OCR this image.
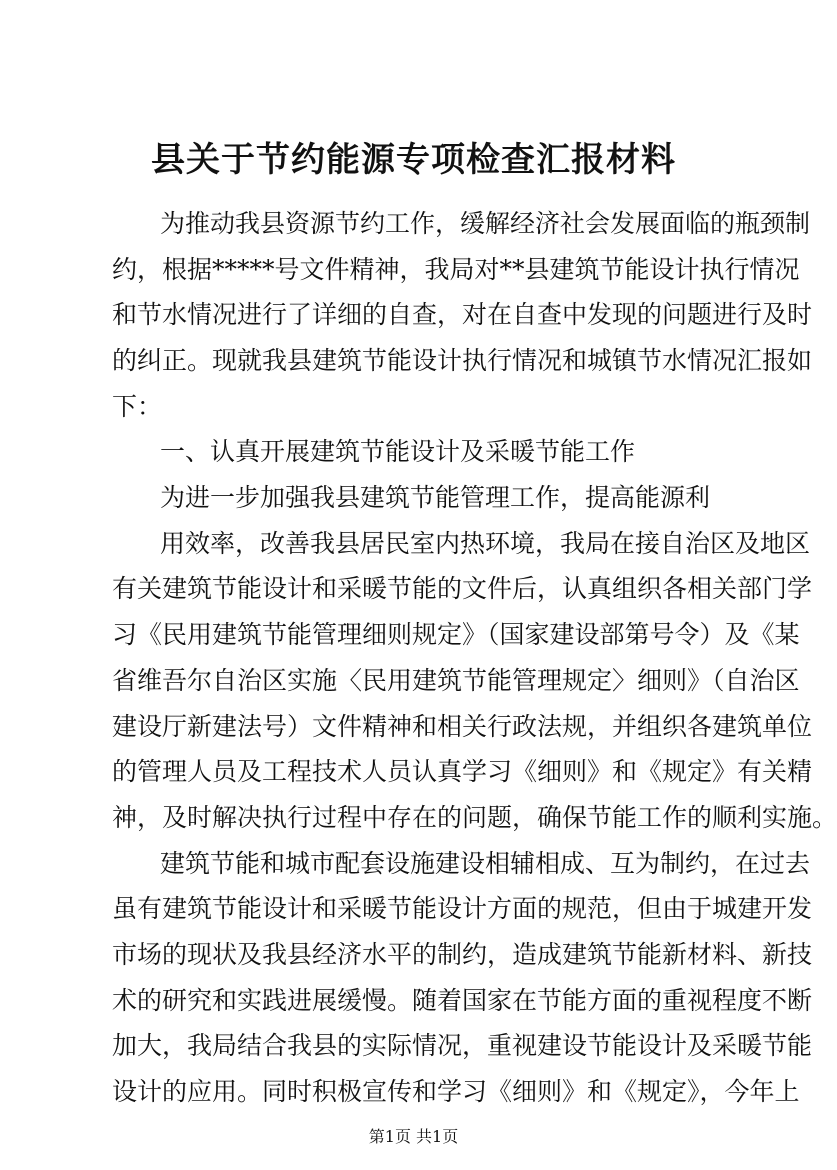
县关于节约能源专项检查汇报材料
为推动我县资源节约工作，缓解经济社会发展面临的瓶颈制
约，根据*****号文件精神，我局对**县建筑节能设计执行情况
和节水情况进行了详细的自查，对在自查中发现的问题进行及时
的纠正。现就我县建筑节能设计执行情况和城镇节水情况汇报如
下：
一、认真开展建筑节能设计及采暖节能工作
为进一步加强我县建筑节能管理工作，提高能源利
用效率，改善我县居民室内热环境，我局在接自治区及地区
有关建筑节能设计和采暖节能的文件后，认真组织各相关部门学
习《民用建筑节能管理细则规定》（国家建设部第号令）及《某
省维吾尔自治区实施〈民用建筑节能管理规定〉细则》（自治区
建设厅新建法号）文件精神和相关行政法规，并组织各建筑单位
的管理人员及工程技术人员认真学习《细则》和《规定》有关精
神，及时解决执行过程中存在的问题，确保节能工作的顺利实施。
建筑节能和城市配套设施建设相辅相成、互为制约，在过去
虽有建筑节能设计和采暖节能设计方面的规范，但由于城建开发
市场的现状及我县经济水平的制约，造成建筑节能新材料、新技
术的研究和实践进展缓慢。随着国家在节能方面的重视程度不断
第1页 共1页
加大，我局结合我县的实际情况，重视建设节能设计及采暖节能
设计的应用。同时积极宣传和学习《细则》和《规定》，今年上
